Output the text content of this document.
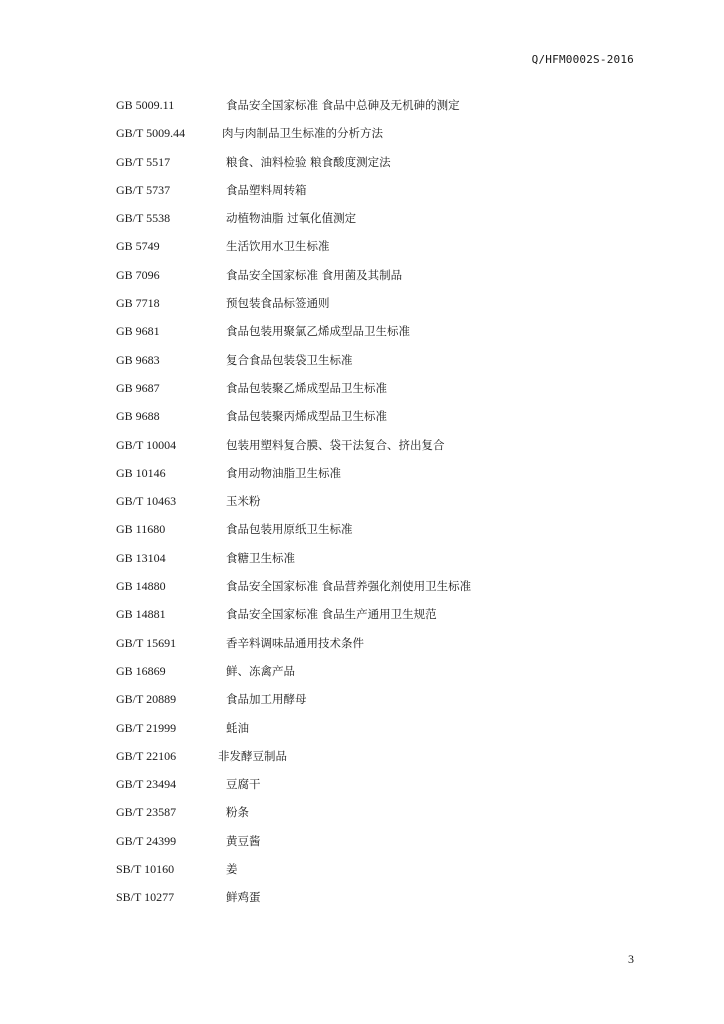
Q/HFM0002S-2016
GB 5009.11	食品安全国家标准 食品中总砷及无机砷的测定
GB/T 5009.44	肉与肉制品卫生标准的分析方法
GB/T 5517	粮食、油料检验 粮食酸度测定法
GB/T 5737	食品塑料周转箱
GB/T 5538	动植物油脂 过氧化值测定
GB 5749	生活饮用水卫生标准
GB 7096	食品安全国家标准 食用菌及其制品
GB 7718	预包装食品标签通则
GB 9681	食品包装用聚氯乙烯成型品卫生标准
GB 9683	复合食品包装袋卫生标准
GB 9687	食品包装聚乙烯成型品卫生标准
GB 9688	食品包装聚丙烯成型品卫生标准
GB/T 10004	包装用塑料复合膜、袋干法复合、挤出复合
GB 10146	食用动物油脂卫生标准
GB/T 10463	玉米粉
GB 11680	食品包装用原纸卫生标准
GB 13104	食糖卫生标准
GB 14880	食品安全国家标准 食品营养强化剂使用卫生标准
GB 14881	食品安全国家标准 食品生产通用卫生规范
GB/T 15691	香辛料调味品通用技术条件
GB 16869	鲜、冻禽产品
GB/T 20889	食品加工用酵母
GB/T 21999	蚝油
GB/T 22106	非发酵豆制品
GB/T 23494	豆腐干
GB/T 23587	粉条
GB/T 24399	黄豆酱
SB/T 10160	姜
SB/T 10277	鲜鸡蛋
3
